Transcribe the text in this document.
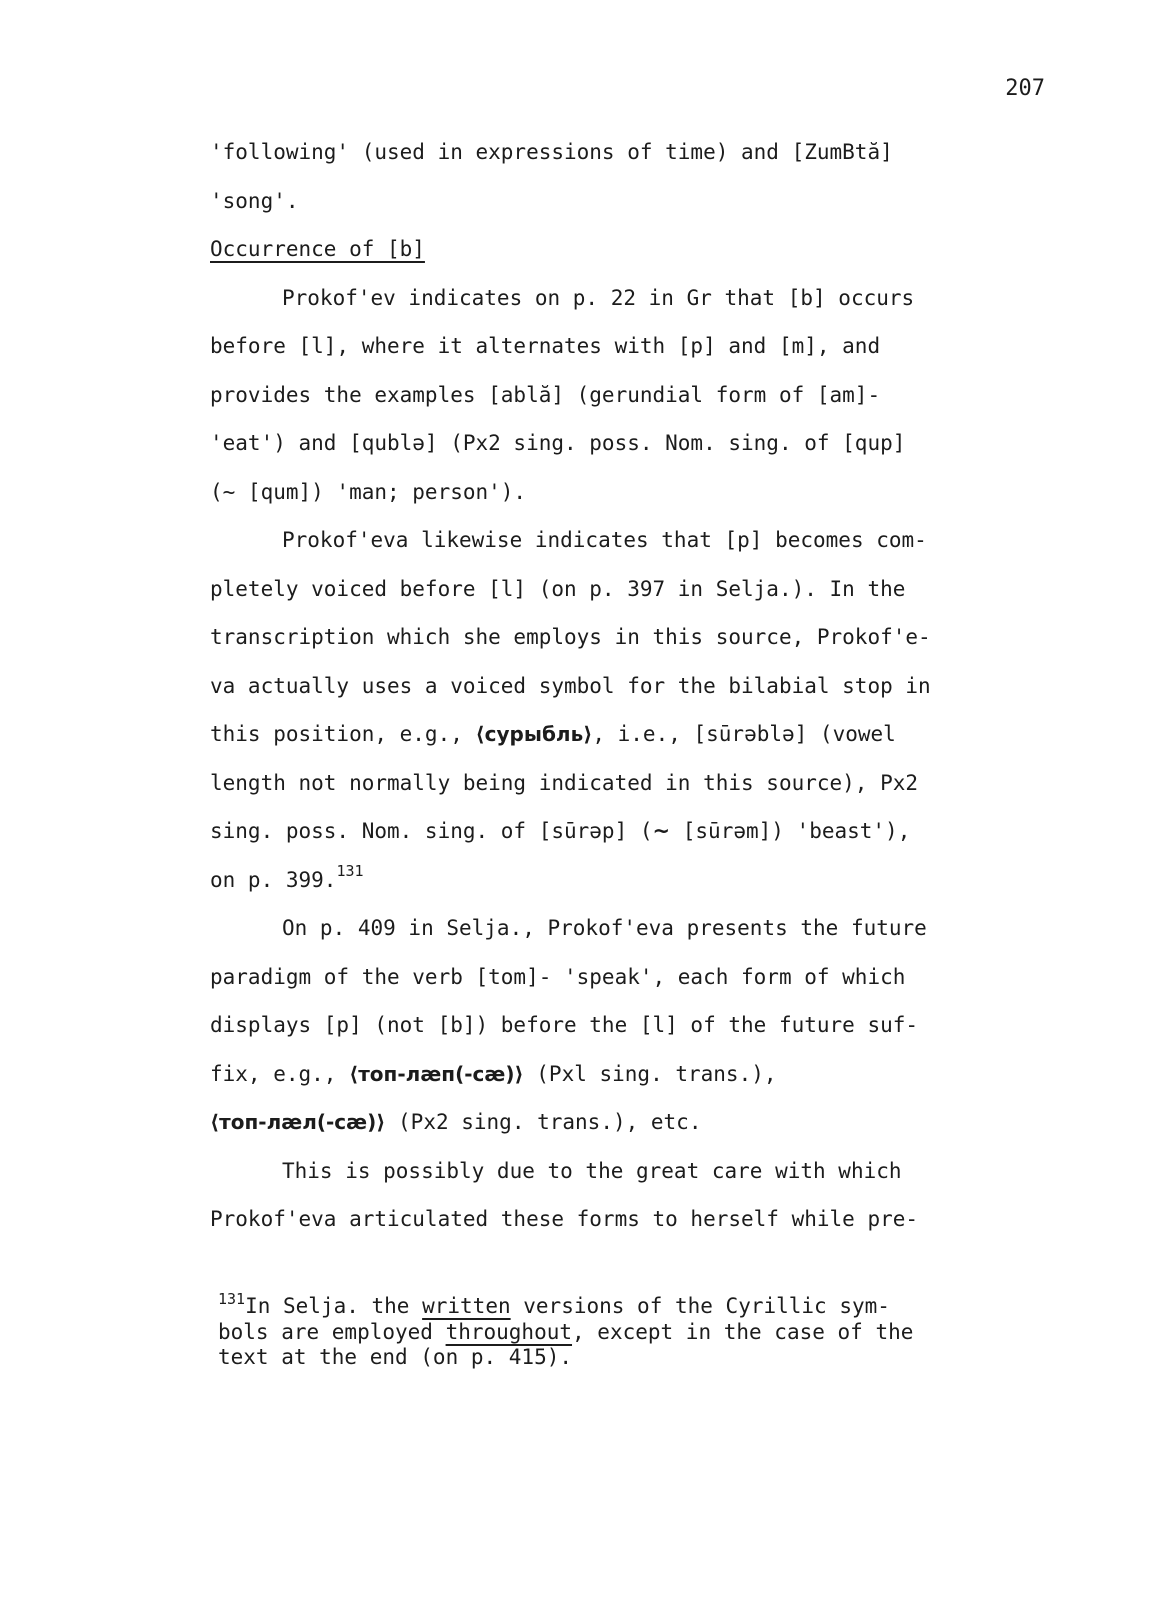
207
'following' (used in expressions of time) and [ZumBtă]
'song'.
Occurrence of [b]
Prokof'ev indicates on p. 22 in Gr that [b] occurs
before [l], where it alternates with [p] and [m], and
provides the examples [ablă] (gerundial form of [am]-
'eat') and [qublə] (Px2 sing. poss. Nom. sing. of [qup]
(~ [qum]) 'man; person').
Prokof'eva likewise indicates that [p] becomes com-
pletely voiced before [l] (on p. 397 in Selja.). In the
transcription which she employs in this source, Prokof'e-
va actually uses a voiced symbol for the bilabial stop in
this position, e.g., ⟨сурыбль⟩, i.e., [sūrəblə] (vowel
length not normally being indicated in this source), Px2
sing. poss. Nom. sing. of [sūrəp] (~ [sūrəm]) 'beast'),
on p. 399.$^{131}$
On p. 409 in Selja., Prokof'eva presents the future
paradigm of the verb [tom]- 'speak', each form of which
displays [p] (not [b]) before the [l] of the future suf-
fix, e.g., ⟨топ-лæп(-сæ)⟩ (Pxl sing. trans.),
⟨топ-лæл(-сæ)⟩ (Px2 sing. trans.), etc.
This is possibly due to the great care with which
Prokof'eva articulated these forms to herself while pre-
$^{131}$In Selja. the written versions of the Cyrillic sym-
bols are employed throughout, except in the case of the
text at the end (on p. 415).
